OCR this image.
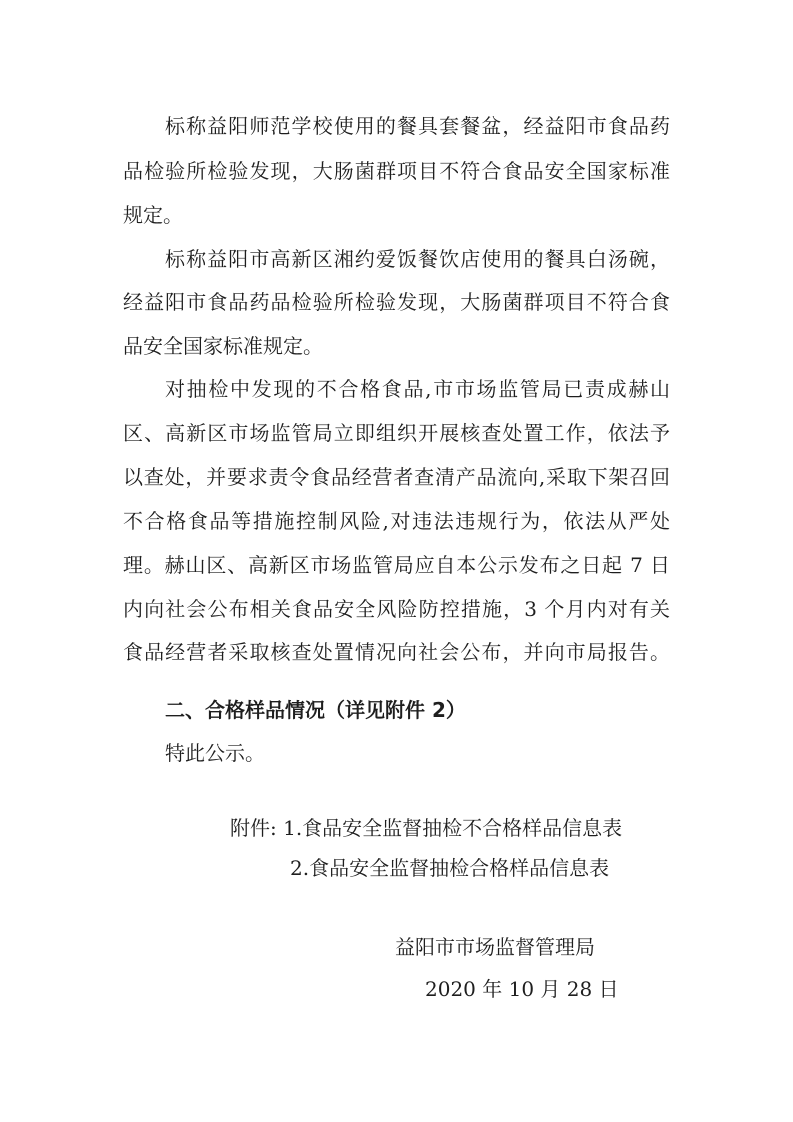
标称益阳师范学校使用的餐具套餐盆，经益阳市食品药
品检验所检验发现，大肠菌群项目不符合食品安全国家标准
规定。
标称益阳市高新区湘约爱饭餐饮店使用的餐具白汤碗，
经益阳市食品药品检验所检验发现，大肠菌群项目不符合食
品安全国家标准规定。
对抽检中发现的不合格食品,市市场监管局已责成赫山
区、高新区市场监管局立即组织开展核查处置工作，依法予
以查处，并要求责令食品经营者查清产品流向,采取下架召回
不合格食品等措施控制风险,对违法违规行为，依法从严处
理。赫山区、高新区市场监管局应自本公示发布之日起 7 日
内向社会公布相关食品安全风险防控措施，3 个月内对有关
食品经营者采取核查处置情况向社会公布，并向市局报告。
二、合格样品情况（详见附件 2）
特此公示。
附件: 1.食品安全监督抽检不合格样品信息表
2.食品安全监督抽检合格样品信息表
益阳市市场监督管理局
2020 年 10 月 28 日
